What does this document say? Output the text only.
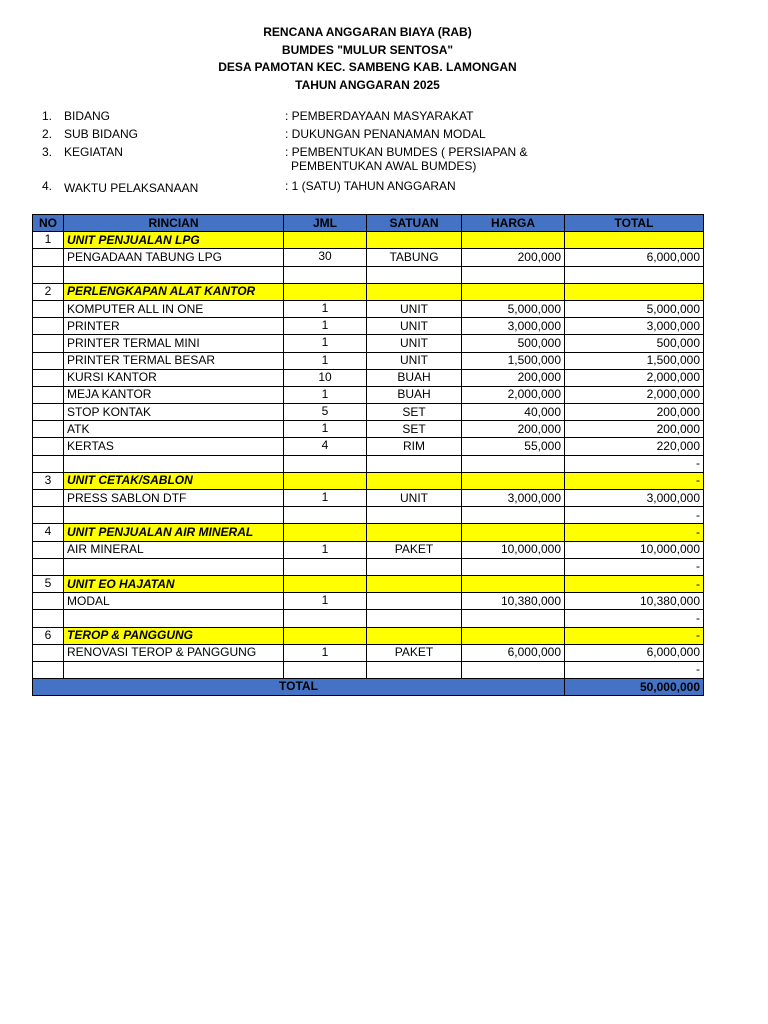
RENCANA ANGGARAN BIAYA (RAB)
BUMDES "MULUR SENTOSA"
DESA PAMOTAN KEC. SAMBENG KAB. LAMONGAN
TAHUN ANGGARAN 2025
1. BIDANG	: PEMBERDAYAAN MASYARAKAT
2. SUB BIDANG	: DUKUNGAN PENANAMAN MODAL
3. KEGIATAN	: PEMBENTUKAN BUMDES ( PERSIAPAN &
PEMBENTUKAN AWAL BUMDES)
4. WAKTU PELAKSANAAN	: 1 (SATU) TAHUN ANGGARAN
NO	RINCIAN	JML	SATUAN	HARGA	TOTAL
1	UNIT PENJUALAN LPG				
	PENGADAAN TABUNG LPG	30	TABUNG	200,000	6,000,000

2	PERLENGKAPAN ALAT KANTOR				
	KOMPUTER ALL IN ONE	1	UNIT	5,000,000	5,000,000
	PRINTER	1	UNIT	3,000,000	3,000,000
	PRINTER TERMAL MINI	1	UNIT	500,000	500,000
	PRINTER TERMAL BESAR	1	UNIT	1,500,000	1,500,000
	KURSI KANTOR	10	BUAH	200,000	2,000,000
	MEJA KANTOR	1	BUAH	2,000,000	2,000,000
	STOP KONTAK	5	SET	40,000	200,000
	ATK	1	SET	200,000	200,000
	KERTAS	4	RIM	55,000	220,000
					-
3	UNIT CETAK/SABLON				-
	PRESS SABLON DTF	1	UNIT	3,000,000	3,000,000
					-
4	UNIT PENJUALAN AIR MINERAL				-
	AIR MINERAL	1	PAKET	10,000,000	10,000,000
					-
5	UNIT EO HAJATAN				-
	MODAL	1		10,380,000	10,380,000
					-
6	TEROP & PANGGUNG				-
	RENOVASI TEROP & PANGGUNG	1	PAKET	6,000,000	6,000,000
					-
TOTAL					50,000,000
